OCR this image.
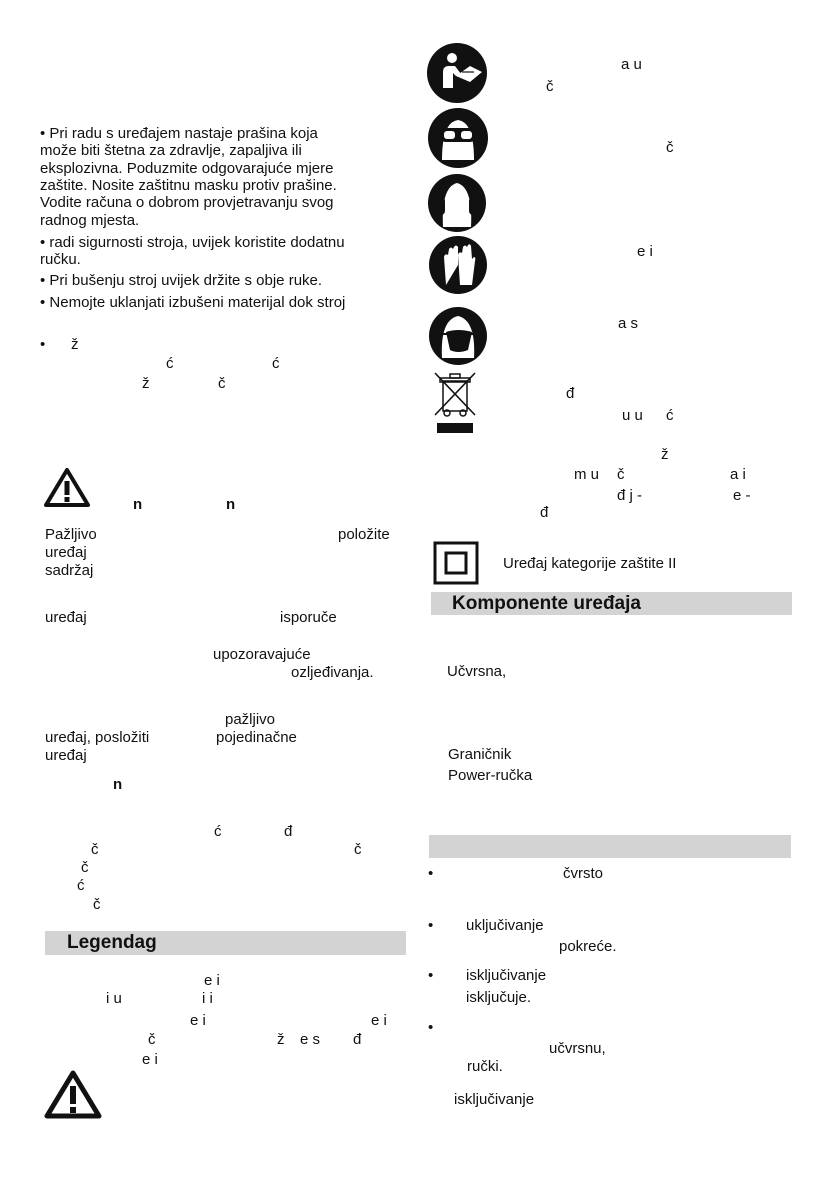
• Pri radu s uređajem nastaje prašina koja
može biti štetna za zdravlje, zapaljiva ili
eksplozivna. Poduzmite odgovarajuće mjere
zaštite. Nosite zaštitnu masku protiv prašine.
Vodite računa o dobrom provjetravanju svog
radnog mjesta.
• radi sigurnosti stroja, uvijek koristite dodatnu
ručku.
• Pri bušenju stroj uvijek držite s obje ruke.
• Nemojte uklanjati izbušeni materijal dok stroj
• ž
ć	ć
ž	č
n	n
Pažljivo	položite
uređaj
sadržaj
uređaj	isporuče
upozoravajuće
ozljeđivanja.
pažljivo
uređaj, posložiti	pojedinačne
uređaj
n
ć	đ
č	č
č
ć
č
Legendag
e i
i u	i i
e i	e i
č	ž e s đ
e i
a u
č
č
e i
a s
đ
u u ć
ž
m u č	a i
đ j -	e -
đ
Uređaj kategorije zaštite II
Komponente uređaja
Učvrsna,
Graničnik
Power-ručka
•	čvrsto
• uključivanje
pokreće.
• isključivanje
isključuje.
•
učvrsnu,
ručki.
isključivanje
